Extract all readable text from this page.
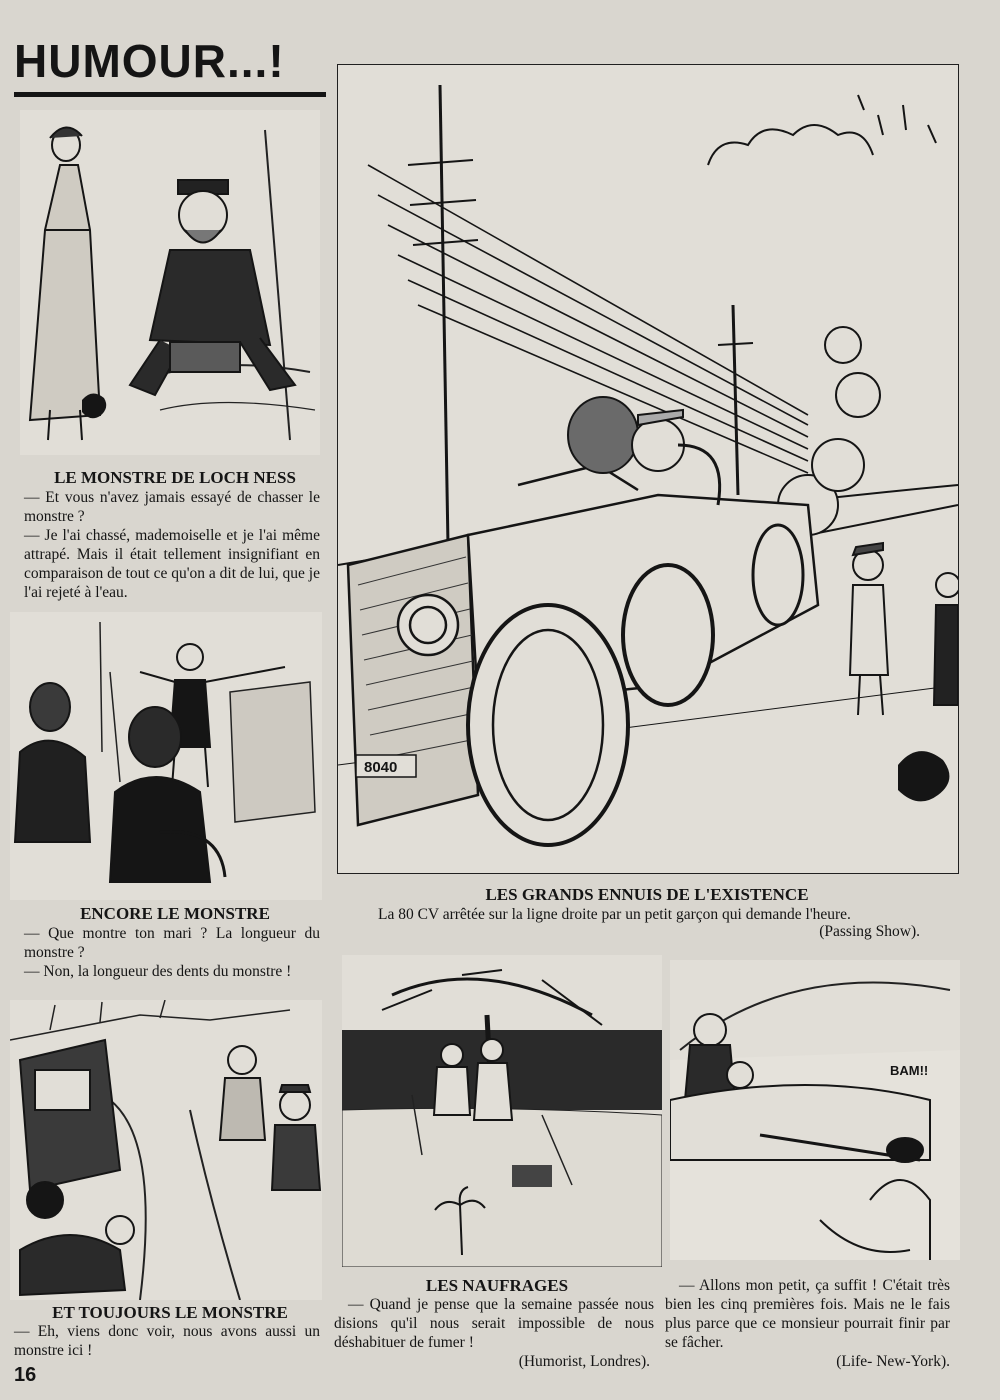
HUMOUR...!
LE MONSTRE DE LOCH NESS

— Et vous n'avez jamais essayé de chasser le monstre ?

— Je l'ai chassé, mademoiselle et je l'ai même attrapé. Mais il était tellement insignifiant en comparaison de tout ce qu'on a dit de lui, que je l'ai rejeté à l'eau.

ENCORE LE MONSTRE

— Que montre ton mari ? La longueur du monstre ?

— Non, la longueur des dents du monstre !

ET TOUJOURS LE MONSTRE

— Eh, viens donc voir, nous avons aussi un monstre ici !

16
8040
LES GRANDS ENNUIS DE L'EXISTENCE
La 80 CV arrêtée sur la ligne droite par un petit garçon qui demande l'heure.
(Passing Show).
LES NAUFRAGES
— Quand je pense que la semaine passée nous disions qu'il nous serait impossible de nous déshabituer de fumer !
(Humorist, Londres).
BAM!!
— Allons mon petit, ça suffit ! C'était très bien les cinq premières fois. Mais ne le fais plus parce que ce monsieur pourrait finir par se fâcher.
(Life- New-York).
